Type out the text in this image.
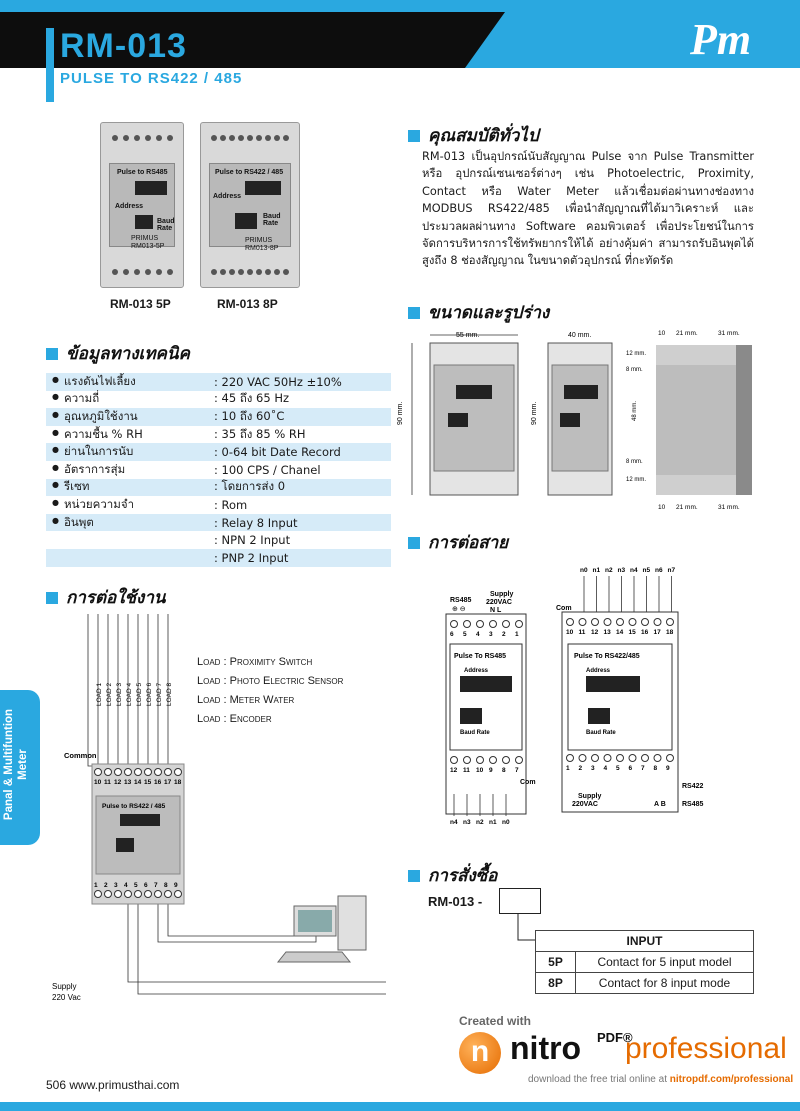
RM-013
PULSE TO RS422 / 485
Pm
Pulse to RS485
Address
Baud Rate
PRIMUS
RM013-5P
Pulse to RS422 / 485
Address
Baud Rate
PRIMUS
RM013-8P
RM-013 5P	RM-013 8P
คุณสมบัติทั่วไป
RM-013 เป็นอุปกรณ์นับสัญญาณ Pulse จาก Pulse Transmitter หรือ อุปกรณ์เซนเซอร์ต่างๆ เช่น Photoelectric, Proximity, Contact หรือ Water Meter แล้วเชื่อมต่อผ่านทางช่องทาง MODBUS RS422/485 เพื่อนำสัญญาณที่ได้มาวิเคราะห์ และประมวลผลผ่านทาง Software คอมพิวเตอร์ เพื่อประโยชน์ในการจัดการบริหารการใช้ทรัพยากรให้ได้ อย่างคุ้มค่า สามารถรับอินพุตได้สูงถึง 8 ช่องสัญญาณ ในขนาดตัวอุปกรณ์ ที่กะทัดรัด
ข้อมูลทางเทคนิค
● แรงดันไฟเลี้ยง	: 220 VAC 50Hz ±10%
● ความถี่	: 45 ถึง 65 Hz
● อุณหภูมิใช้งาน	: 10 ถึง 60˚C
● ความชื้น % RH	: 35 ถึง 85 % RH
● ย่านในการนับ	: 0-64 bit Date Record
● อัตราการสุ่ม	: 100 CPS / Chanel
● รีเซท	: โดยการส่ง 0
● หน่วยความจำ	: Rom
● อินพุต	: Relay 8 Input
: NPN 2 Input
: PNP 2 Input
ขนาดและรูปร่าง
55 mm.
90 mm.
40 mm.
90 mm.
10 21 mm.	31 mm.
12 mm.
8 mm.
48 mm.
8 mm.
12 mm.
10 21 mm.	31 mm.
การต่อสาย
RS485
⊕ ⊖
Supply
220VAC
N L
6 5 4 3 2 1
Pulse To RS485
Address
Baud Rate
12 11 10 9 8 7
Com
n4 n3 n2 n1 n0
Com
n0 n1 n2 n3 n4 n5 n6 n7
10 11 12 13 14 15 16 17 18
Pulse To RS422/485
Address
Baud Rate
1 2 3 4 5 6 7 8 9
Supply
220VAC
RS422
RS485
A B
การต่อใช้งาน
Panal & Multifuntion Meter
Load : Proximity Switch
Load : Photo Electric Sensor
Load : Meter Water
Load : Encoder
LOAD 1 LOAD 2 LOAD 3 LOAD 4 LOAD 5 LOAD 6 LOAD 7 LOAD 8
Common
10 11 12 13 14 15 16 17 18
Pulse to RS422 / 485
1 2 3 4 5 6 7 8 9
Supply
220 Vac
การสั่งซื้อ
RM-013 -
INPUT	
5P	Contact for 5 input model
8P	Contact for 8 input mode
Created with
n nitro PDF®
professional
download the free trial online at nitropdf.com/professional
506 www.primusthai.com
